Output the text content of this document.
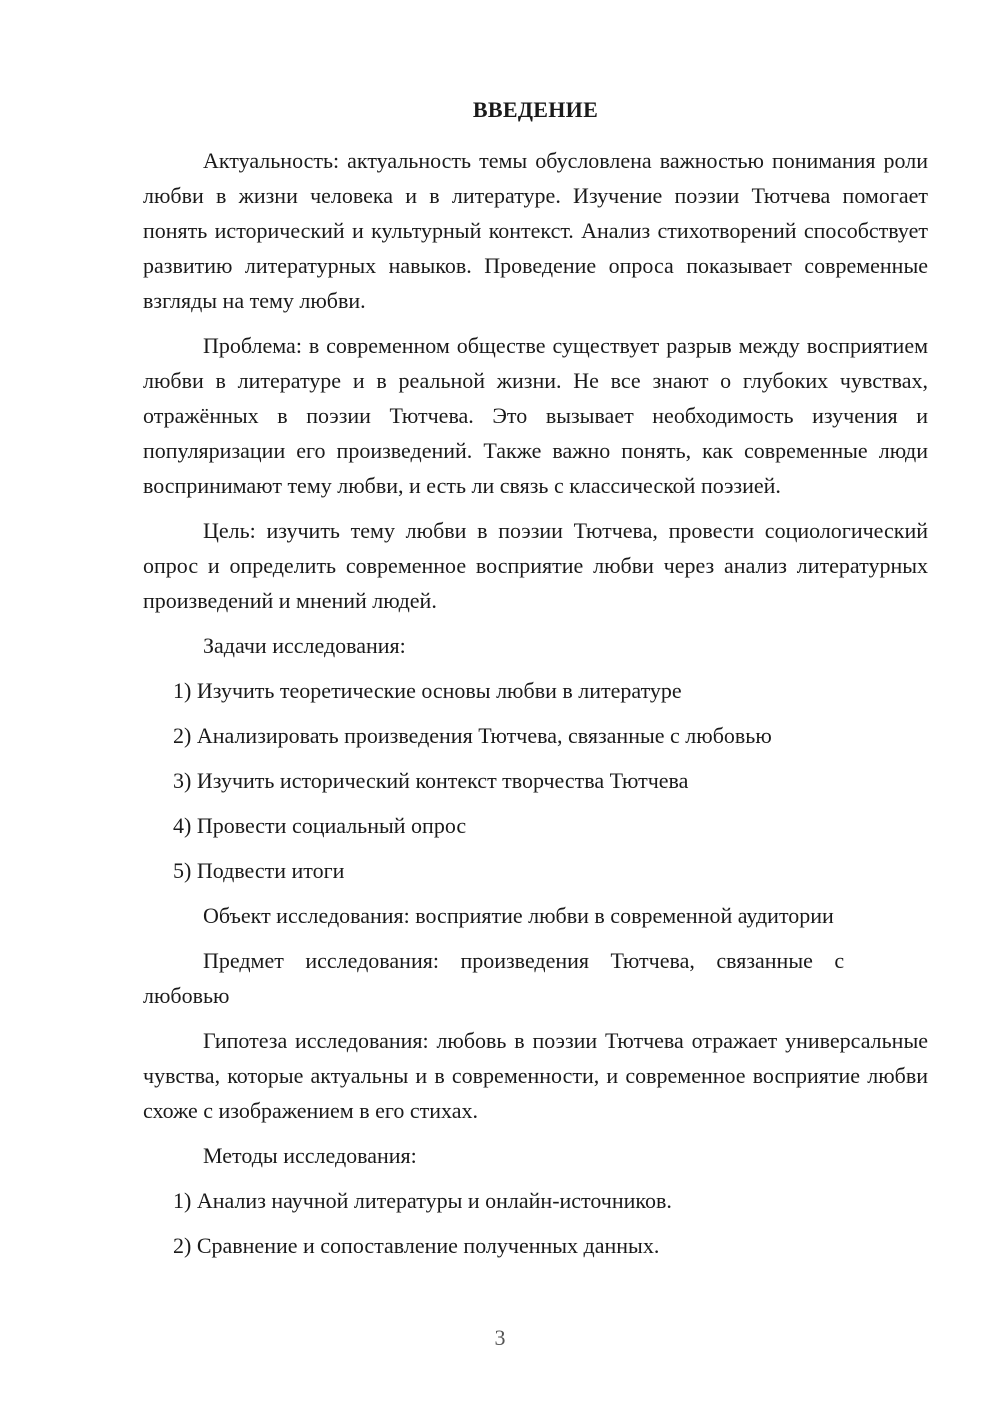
ВВЕДЕНИЕ

Актуальность: актуальность темы обусловлена важностью понимания роли любви в жизни человека и в литературе. Изучение поэзии Тютчева помогает понять исторический и культурный контекст. Анализ стихотворений способствует развитию литературных навыков. Проведение опроса показывает современные взгляды на тему любви.

Проблема: в современном обществе существует разрыв между восприятием любви в литературе и в реальной жизни. Не все знают о глубоких чувствах, отражённых в поэзии Тютчева. Это вызывает необходимость изучения и популяризации его произведений. Также важно понять, как современные люди воспринимают тему любви, и есть ли связь с классической поэзией.

Цель: изучить тему любви в поэзии Тютчева, провести социологический опрос и определить современное восприятие любви через анализ литературных произведений и мнений людей.

Задачи исследования:
1) Изучить теоретические основы любви в литературе
2) Анализировать произведения Тютчева, связанные с любовью
3) Изучить исторический контекст творчества Тютчева
4) Провести социальный опрос
5) Подвести итоги
Объект исследования: восприятие любви в современной аудитории

Предмет исследования: произведения Тютчева, связанные с любовью

Гипотеза исследования: любовь в поэзии Тютчева отражает универсальные чувства, которые актуальны и в современности, и современное восприятие любви схоже с изображением в его стихах.

Методы исследования:
1) Анализ научной литературы и онлайн-источников.
2) Сравнение и сопоставление полученных данных.
3
